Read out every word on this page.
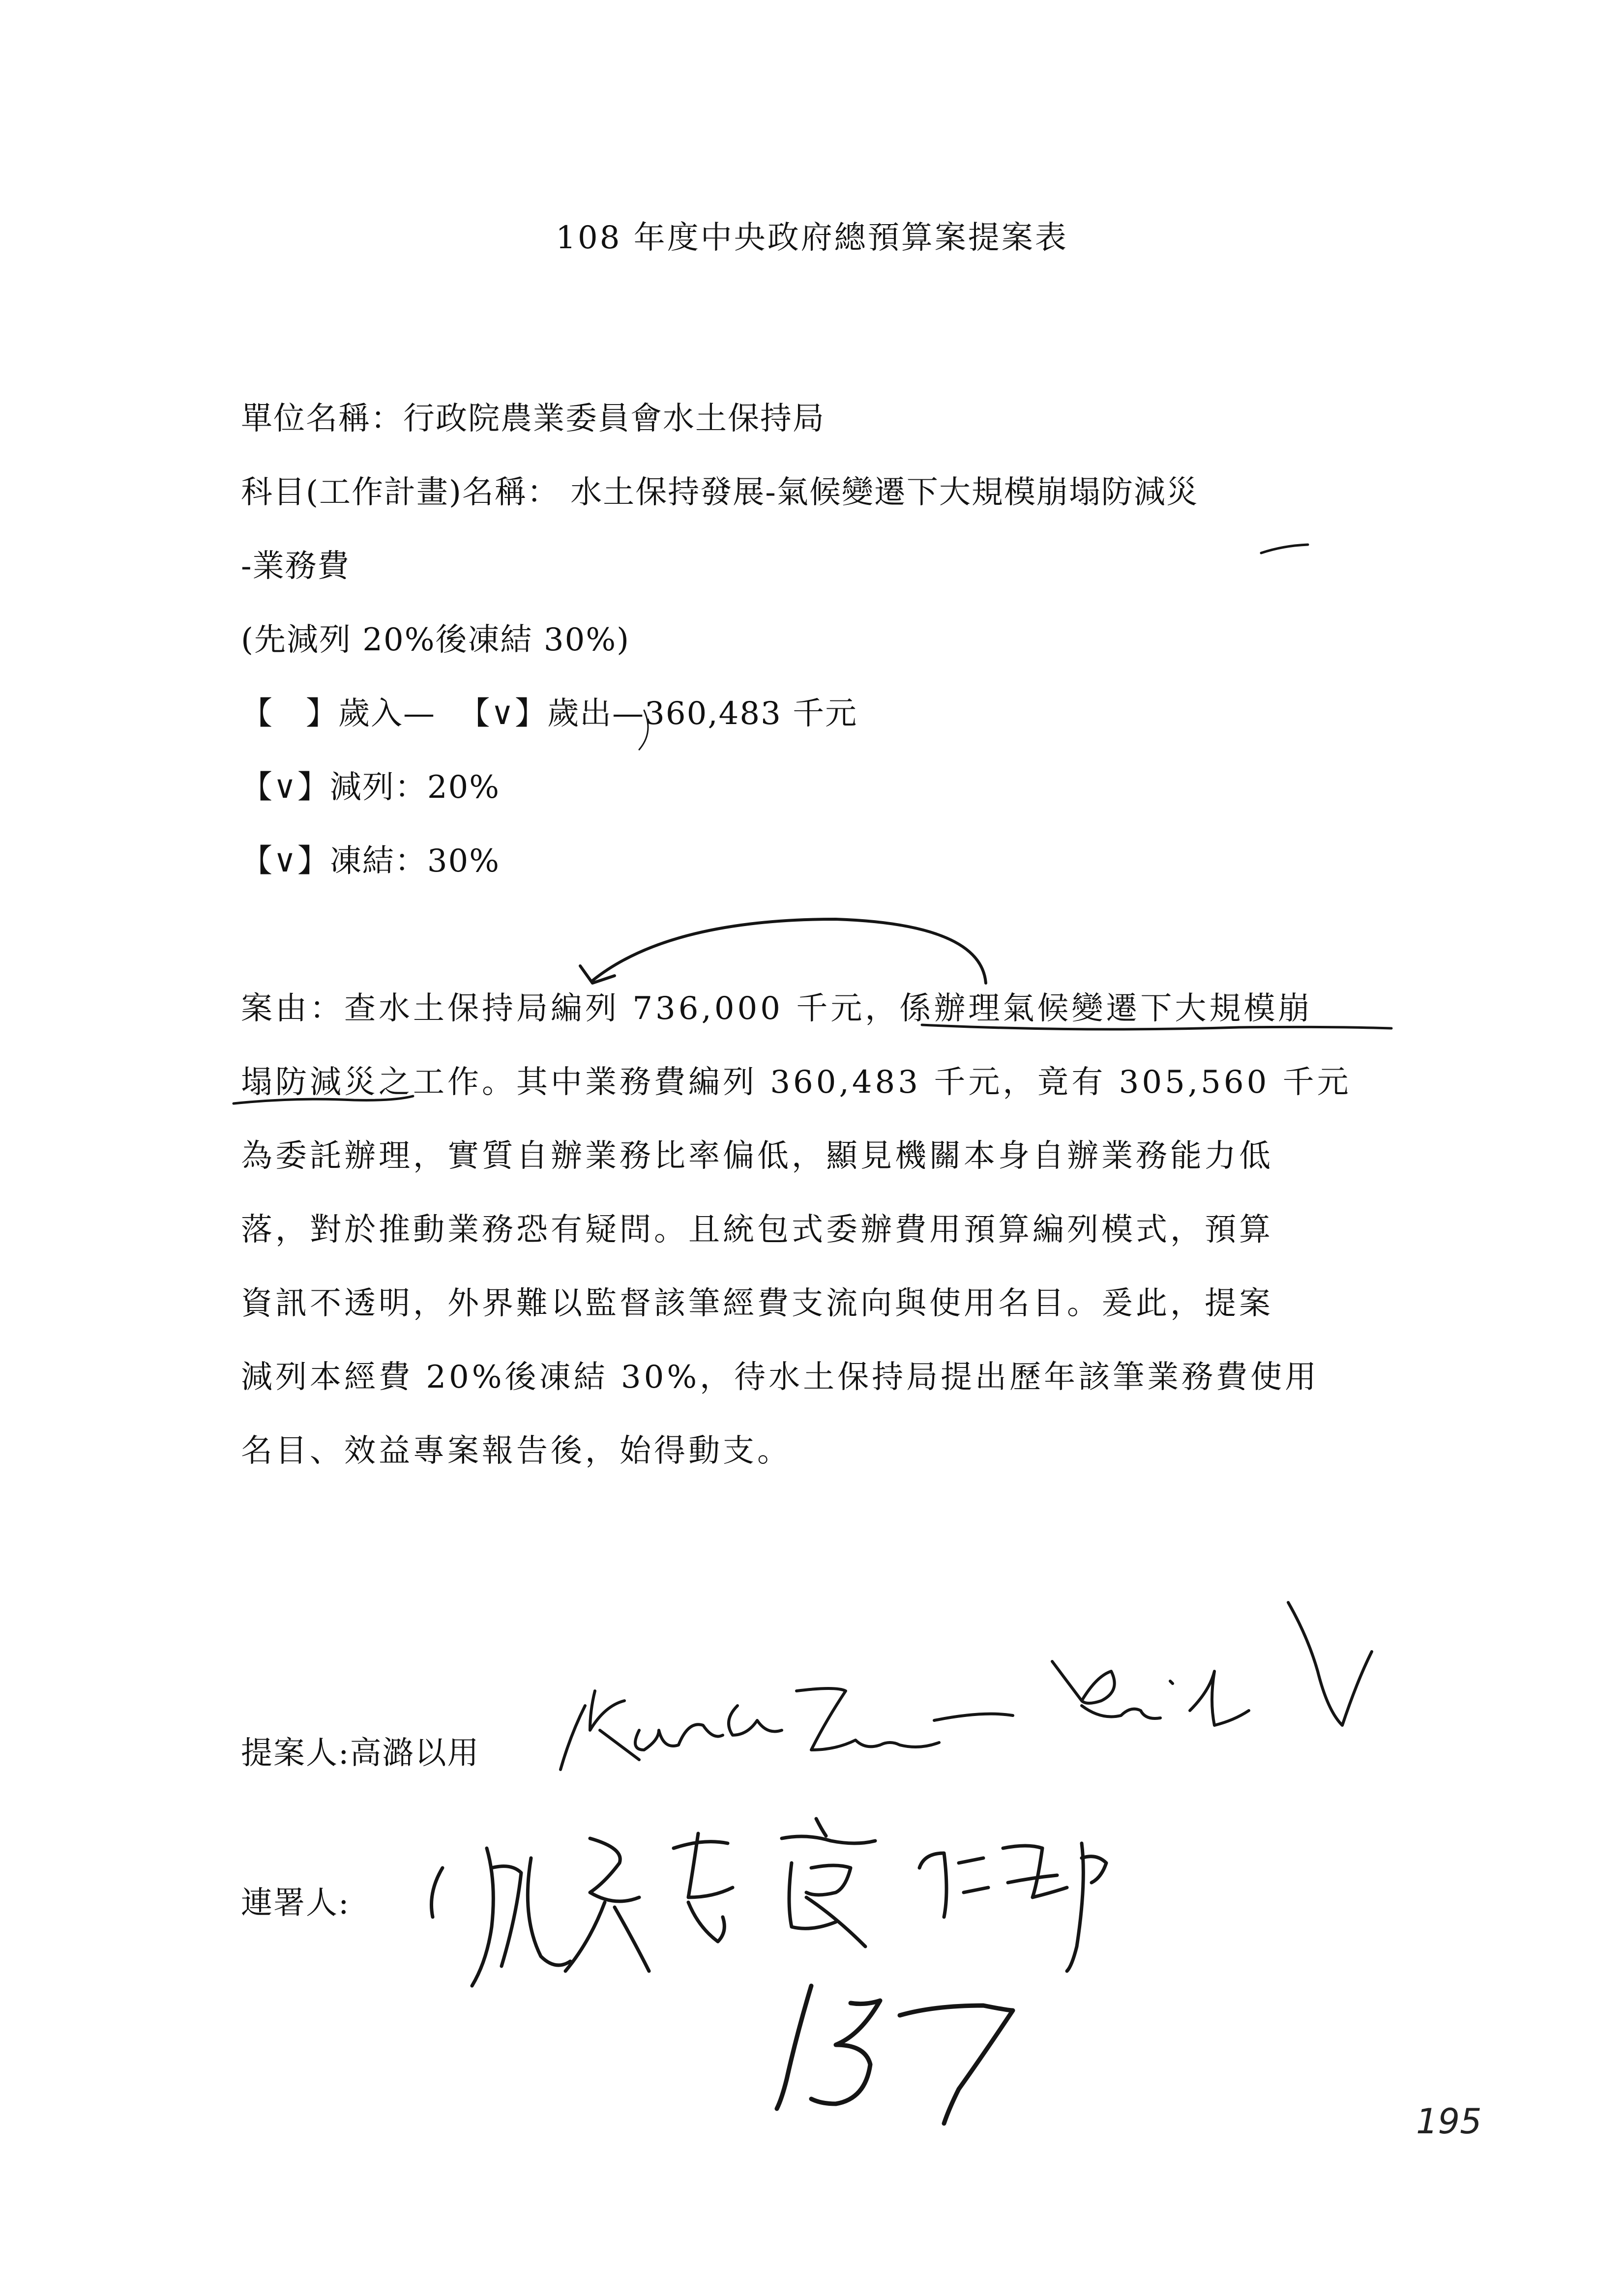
108 年度中央政府總預算案提案表
單位名稱：行政院農業委員會水土保持局
科目(工作計畫)名稱： 水土保持發展-氣候變遷下大規模崩塌防減災
-業務費
(先減列 20%後凍結 30%)
【　】歲入— 【∨】歲出—360,483 千元
【∨】減列：20%
【∨】凍結：30%
案由：查水土保持局編列 736,000 千元，係辦理氣候變遷下大規模崩
塌防減災之工作。其中業務費編列 360,483 千元，竟有 305,560 千元
為委託辦理，實質自辦業務比率偏低，顯見機關本身自辦業務能力低
落，對於推動業務恐有疑問。且統包式委辦費用預算編列模式，預算
資訊不透明，外界難以監督該筆經費支流向與使用名目。爰此，提案
減列本經費 20%後凍結 30%，待水土保持局提出歷年該筆業務費使用
名目、效益專案報告後，始得動支。
提案人:高潞以用
連署人:
195
